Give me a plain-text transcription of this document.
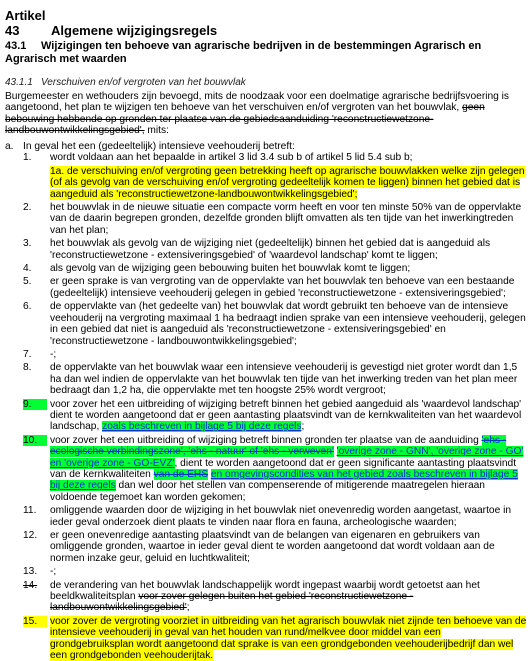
Artikel 43 Algemene wijzigingsregels
43.1 Wijzigingen ten behoeve van agrarische bedrijven in de bestemmingen Agrarisch en Agrarisch met waarden
43.1.1 Verschuiven en/of vergroten van het bouwvlak
Burgemeester en wethouders zijn bevoegd, mits de noodzaak voor een doelmatige agrarische bedrijfsvoering is aangetoond, het plan te wijzigen ten behoeve van het verschuiven en/of vergroten van het bouwvlak, geen bebouwing hebbende op gronden ter plaatse van de gebiedsaanduiding 'reconstructiewetzone-landbouwontwikkelingsgebied', mits:
a. In geval het een (gedeeltelijk) intensieve veehouderij betreft:
1.	wordt voldaan aan het bepaalde in artikel 3 lid 3.4 sub b of artikel 5 lid 5.4 sub b;
1a. de verschuiving en/of vergroting geen betrekking heeft op agrarische bouwvlakken welke zijn gelegen (of als gevolg van de verschuiving en/of vergroting gedeeltelijk komen te liggen) binnen het gebied dat is aangeduid als 'reconstructiewetzone-landbouwontwikkelingsgebied';
2.	het bouwvlak in de nieuwe situatie een compacte vorm heeft en voor ten minste 50% van de oppervlakte van de daarin begrepen gronden, dezelfde gronden blijft omvatten als ten tijde van het inwerkingtreden van het plan;
3.	het bouwvlak als gevolg van de wijziging niet (gedeeltelijk) binnen het gebied dat is aangeduid als 'reconstructiewetzone - extensiveringsgebied' of 'waardevol landschap' komt te liggen;
4.	als gevolg van de wijziging geen bebouwing buiten het bouwvlak komt te liggen;
5.	er geen sprake is van vergroting van de oppervlakte van het bouwvlak ten behoeve van een bestaande (gedeeltelijk) intensieve veehouderij gelegen in gebied 'reconstructiewetzone - extensiveringsgebied';
6.	de oppervlakte van (het gedeelte van) het bouwvlak dat wordt gebruikt ten behoeve van de intensieve veehouderij na vergroting maximaal 1 ha bedraagt indien sprake van een intensieve veehouderij, gelegen in een gebied dat niet is aangeduid als 'reconstructiewetzone - extensiveringsgebied' en 'reconstructiewetzone - landbouwontwikkelingsgebied';
7.	-;
8.	de oppervlakte van het bouwvlak waar een intensieve veehouderij is gevestigd niet groter wordt dan 1,5 ha dan wel indien de oppervlakte van het bouwvlak ten tijde van het inwerking treden van het plan meer bedraagt dan 1,2 ha, die oppervlakte met ten hoogste 25% wordt vergroot;
9.	voor zover het een uitbreiding of wijziging betreft binnen het gebied aangeduid als 'waardevol landschap' dient te worden aangetoond dat er geen aantasting plaatsvindt van de kernkwaliteiten van het waardevol landschap, zoals beschreven in bijlage 5 bij deze regels;
10.	voor zover het een uitbreiding of wijziging betreft binnen gronden ter plaatse van de aanduiding 'ehs - ecologische verbindingszone', 'ehs - natuur' of 'ehs - verweven' 'overige zone - GNN', 'overige zone - GO' en 'overige zone - GO-EVZ', dient te worden aangetoond dat er geen significante aantasting plaatsvindt van de kernkwaliteiten van de EHS en omgevingscondities van het gebied zoals beschreven in bijlage 5 bij deze regels dan wel door het stellen van compenserende of mitigerende maatregelen hieraan voldoende tegemoet kan worden gekomen;
11.	omliggende waarden door de wijziging in het bouwvlak niet onevenredig worden aangetast, waartoe in ieder geval onderzoek dient plaats te vinden naar flora en fauna, archeologische waarden;
12.	er geen onevenredige aantasting plaatsvindt van de belangen van eigenaren en gebruikers van omliggende gronden, waartoe in ieder geval dient te worden aangetoond dat wordt voldaan aan de normen inzake geur, geluid en luchtkwaliteit;
13.	-;
14.	de verandering van het bouwvlak landschappelijk wordt ingepast waarbij wordt getoetst aan het beeldkwaliteitsplan voor zover gelegen buiten het gebied 'reconstructiewetzone - landbouwontwikkelingsgebied';
15.	voor zover de vergroting voorziet in uitbreiding van het agrarisch bouwvlak niet zijnde ten behoeve van de intensieve veehouderij in geval van het houden van rund/melkvee door middel van een grondgebruiksplan wordt aangetoond dat sprake is van een grondgebonden veehouderijbedrijf dan wel een grondgebonden veehouderijtak.
